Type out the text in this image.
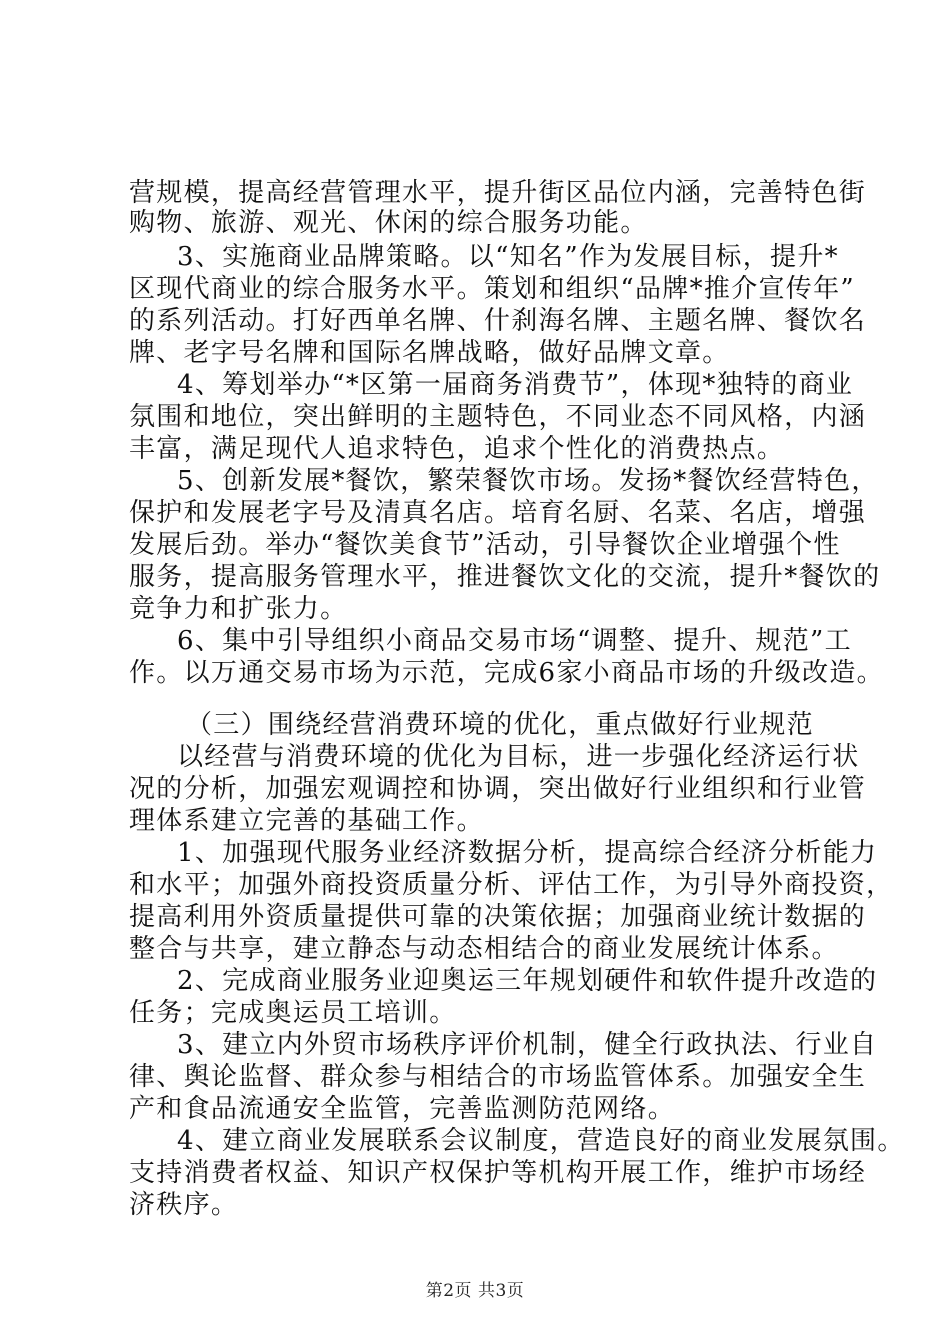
营规模，提高经营管理水平，提升街区品位内涵，完善特色街
购物、旅游、观光、休闲的综合服务功能。
3、实施商业品牌策略。以“知名”作为发展目标，提升*
区现代商业的综合服务水平。策划和组织“品牌*推介宣传年”
的系列活动。打好西单名牌、什刹海名牌、主题名牌、餐饮名
牌、老字号名牌和国际名牌战略，做好品牌文章。
4、筹划举办“*区第一届商务消费节”，体现*独特的商业
氛围和地位，突出鲜明的主题特色，不同业态不同风格，内涵
丰富，满足现代人追求特色，追求个性化的消费热点。
5、创新发展*餐饮，繁荣餐饮市场。发扬*餐饮经营特色，
保护和发展老字号及清真名店。培育名厨、名菜、名店，增强
发展后劲。举办“餐饮美食节”活动，引导餐饮企业增强个性
服务，提高服务管理水平，推进餐饮文化的交流，提升*餐饮的
竞争力和扩张力。
6、集中引导组织小商品交易市场“调整、提升、规范”工
作。以万通交易市场为示范，完成6家小商品市场的升级改造。
（三）围绕经营消费环境的优化，重点做好行业规范
以经营与消费环境的优化为目标，进一步强化经济运行状
况的分析，加强宏观调控和协调，突出做好行业组织和行业管
理体系建立完善的基础工作。
1、加强现代服务业经济数据分析，提高综合经济分析能力
和水平；加强外商投资质量分析、评估工作，为引导外商投资，
提高利用外资质量提供可靠的决策依据；加强商业统计数据的
整合与共享，建立静态与动态相结合的商业发展统计体系。
2、完成商业服务业迎奥运三年规划硬件和软件提升改造的
任务；完成奥运员工培训。
3、建立内外贸市场秩序评价机制，健全行政执法、行业自
律、舆论监督、群众参与相结合的市场监管体系。加强安全生
产和食品流通安全监管，完善监测防范网络。
4、建立商业发展联系会议制度，营造良好的商业发展氛围。
支持消费者权益、知识产权保护等机构开展工作，维护市场经
济秩序。
第2页 共3页
